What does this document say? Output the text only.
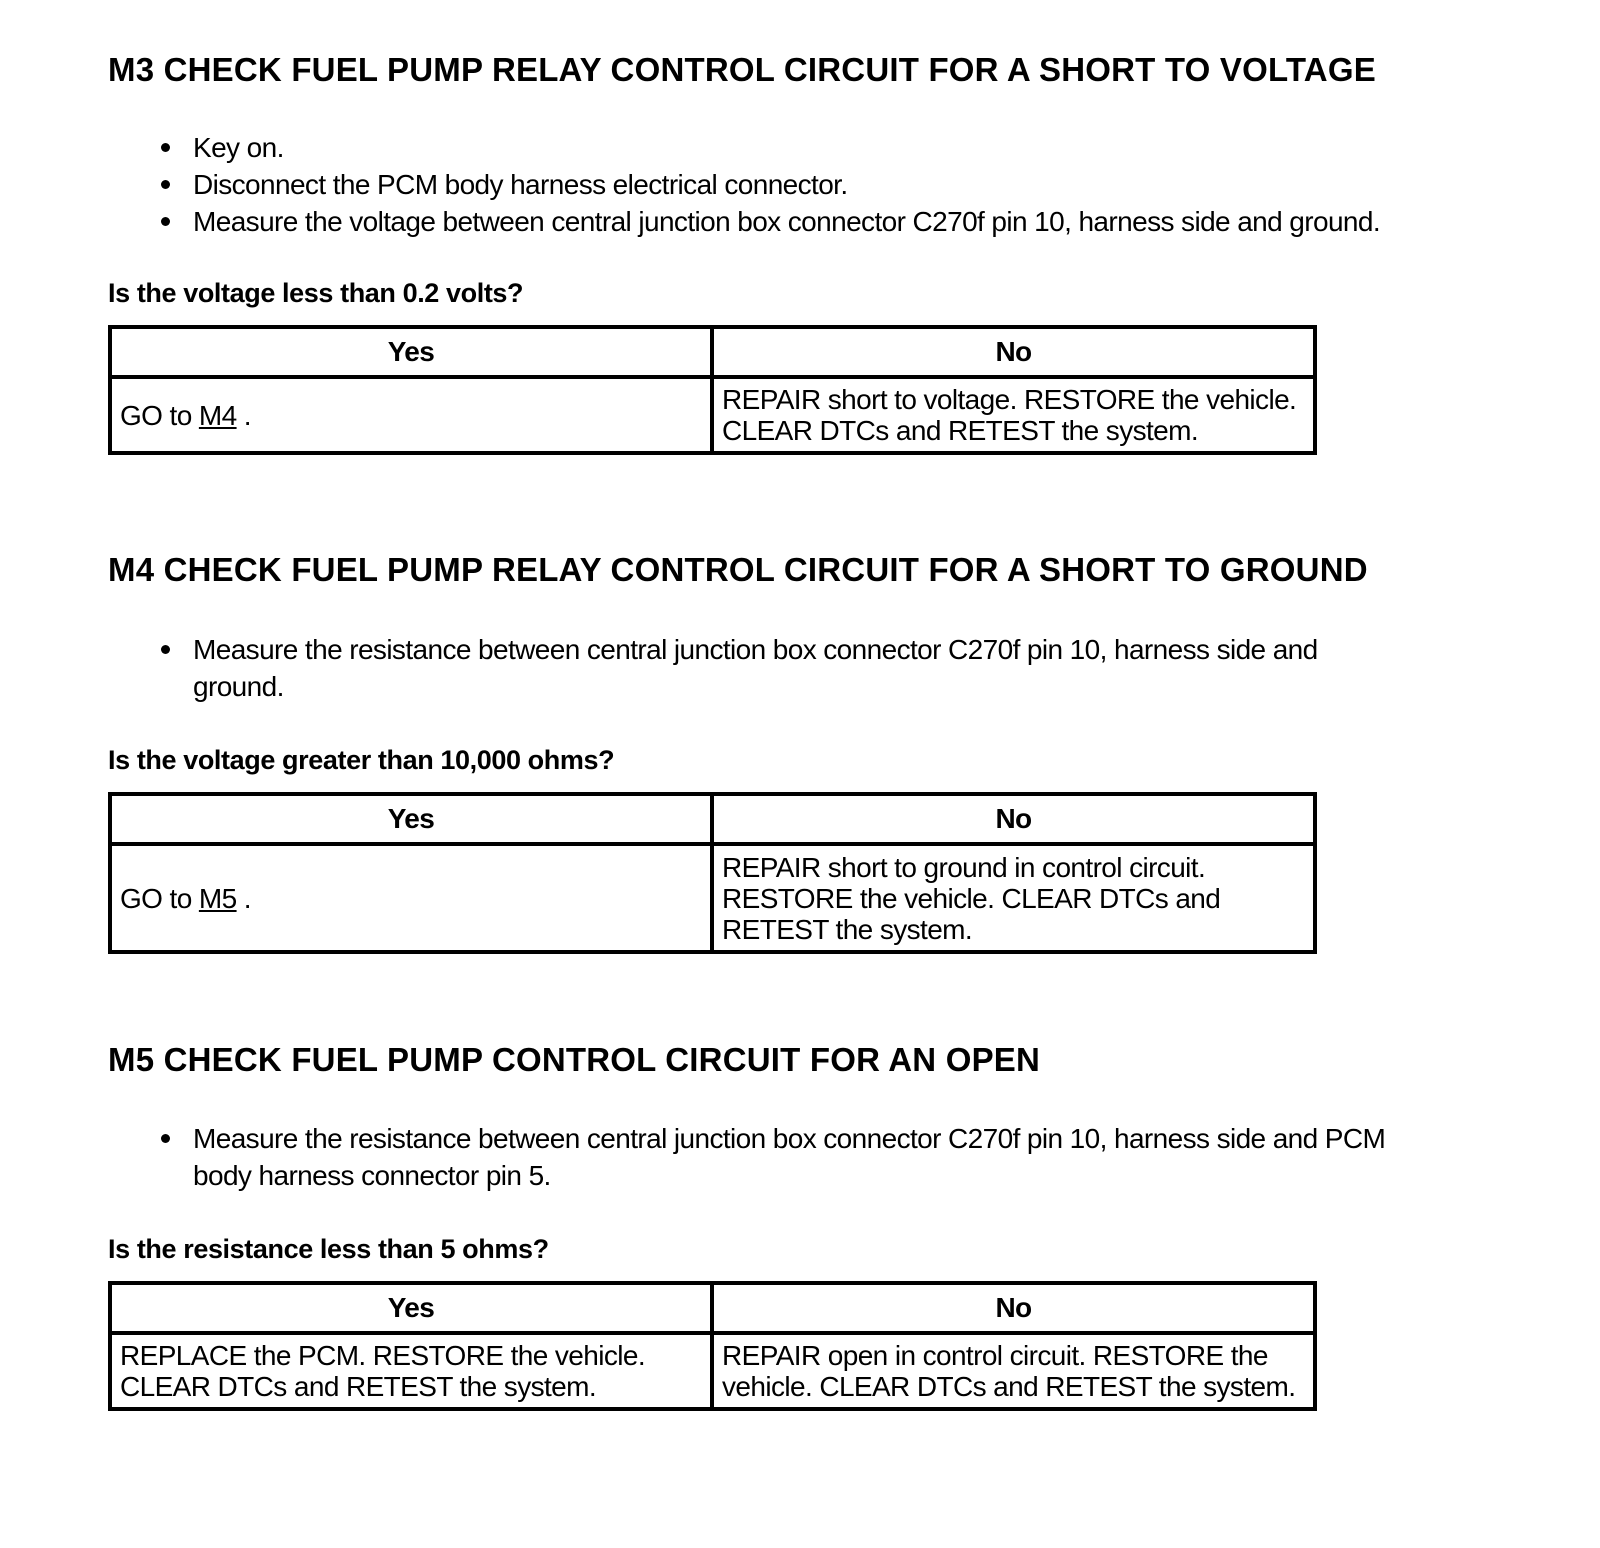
M3 CHECK FUEL PUMP RELAY CONTROL CIRCUIT FOR A SHORT TO VOLTAGE
Key on.
Disconnect the PCM body harness electrical connector.
Measure the voltage between central junction box connector C270f pin 10, harness side and ground.

Is the voltage less than 0.2 volts?

Yes	No
GO to M4 .	REPAIR short to voltage. RESTORE the vehicle. CLEAR DTCs and RETEST the system.
M4 CHECK FUEL PUMP RELAY CONTROL CIRCUIT FOR A SHORT TO GROUND
Measure the resistance between central junction box connector C270f pin 10, harness side and ground.

Is the voltage greater than 10,000 ohms?

Yes	No
GO to M5 .	REPAIR short to ground in control circuit. RESTORE the vehicle. CLEAR DTCs and RETEST the system.
M5 CHECK FUEL PUMP CONTROL CIRCUIT FOR AN OPEN
Measure the resistance between central junction box connector C270f pin 10, harness side and PCM body harness connector pin 5.

Is the resistance less than 5 ohms?

Yes	No
REPLACE the PCM. RESTORE the vehicle. CLEAR DTCs and RETEST the system.	REPAIR open in control circuit. RESTORE the vehicle. CLEAR DTCs and RETEST the system.
